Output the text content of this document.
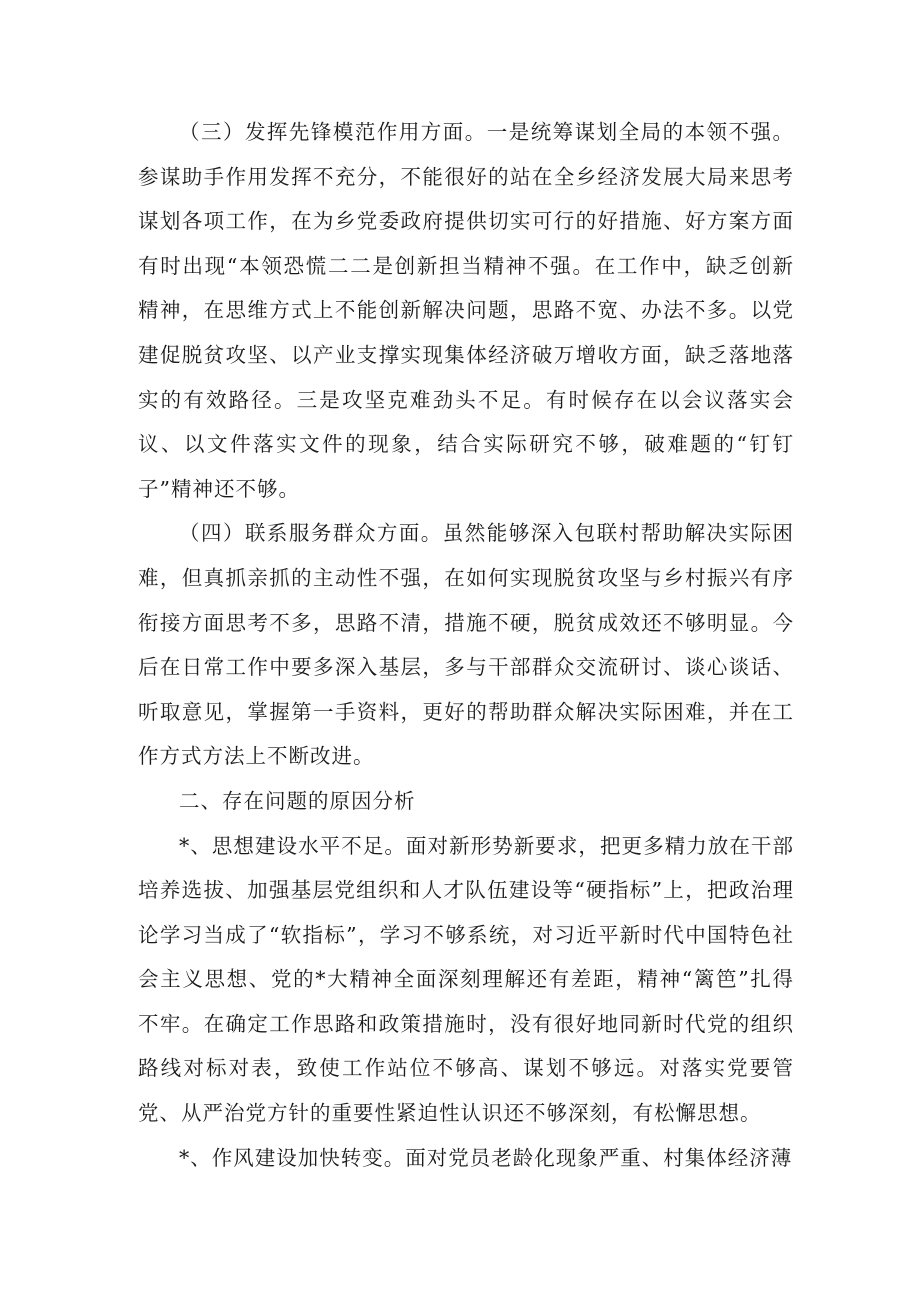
（三）发挥先锋模范作用方面。一是统筹谋划全局的本领不强。参谋助手作用发挥不充分，不能很好的站在全乡经济发展大局来思考谋划各项工作，在为乡党委政府提供切实可行的好措施、好方案方面有时出现“本领恐慌二二是创新担当精神不强。在工作中，缺乏创新精神，在思维方式上不能创新解决问题，思路不宽、办法不多。以党建促脱贫攻坚、以产业支撑实现集体经济破万增收方面，缺乏落地落实的有效路径。三是攻坚克难劲头不足。有时候存在以会议落实会议、以文件落实文件的现象，结合实际研究不够，破难题的“钉钉子”精神还不够。

（四）联系服务群众方面。虽然能够深入包联村帮助解决实际困难，但真抓亲抓的主动性不强，在如何实现脱贫攻坚与乡村振兴有序衔接方面思考不多，思路不清，措施不硬，脱贫成效还不够明显。今后在日常工作中要多深入基层，多与干部群众交流研讨、谈心谈话、听取意见，掌握第一手资料，更好的帮助群众解决实际困难，并在工作方式方法上不断改进。

二、存在问题的原因分析

*、思想建设水平不足。面对新形势新要求，把更多精力放在干部培养选拔、加强基层党组织和人才队伍建设等“硬指标”上，把政治理论学习当成了“软指标”，学习不够系统，对习近平新时代中国特色社会主义思想、党的*大精神全面深刻理解还有差距，精神“篱笆”扎得不牢。在确定工作思路和政策措施时，没有很好地同新时代党的组织路线对标对表，致使工作站位不够高、谋划不够远。对落实党要管党、从严治党方针的重要性紧迫性认识还不够深刻，有松懈思想。

*、作风建设加快转变。面对党员老龄化现象严重、村集体经济薄
